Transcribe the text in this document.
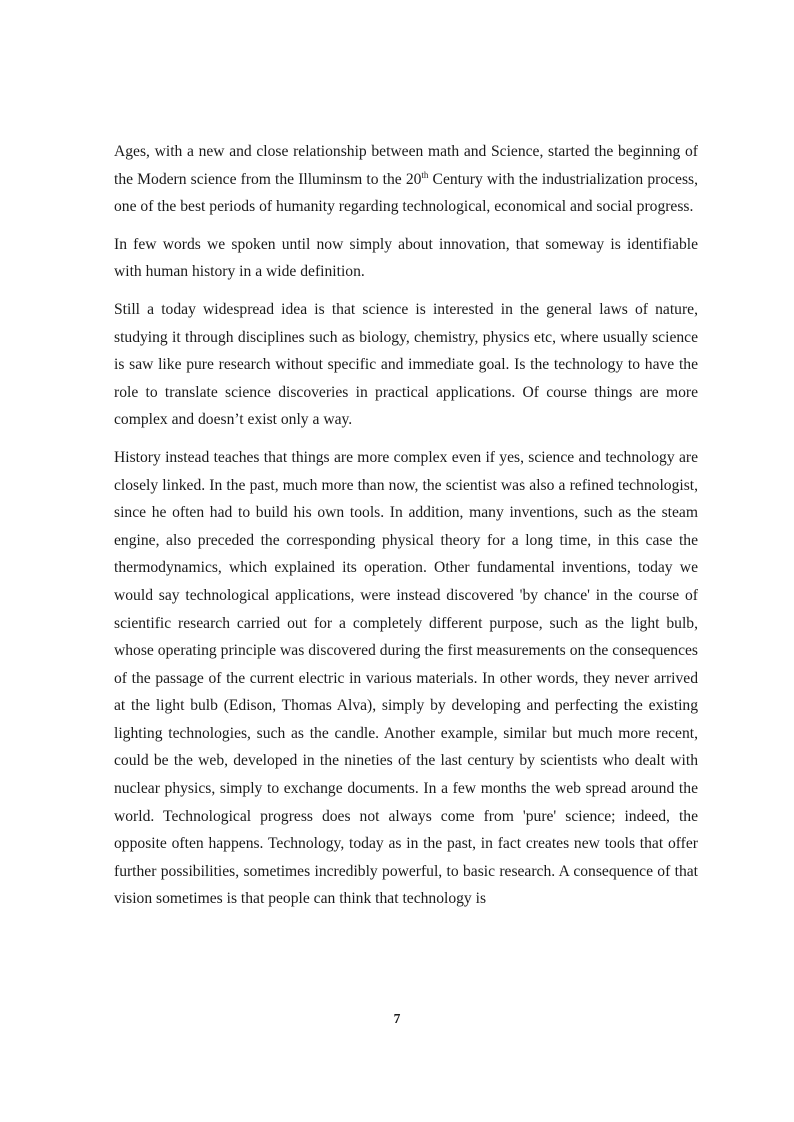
Ages, with a new and close relationship between math and Science, started the beginning of the Modern science from the Illuminsm to the 20th Century with the industrialization process, one of the best periods of humanity regarding technological, economical and social progress.

In few words we spoken until now simply about innovation, that someway is identifiable with human history in a wide definition.

Still a today widespread idea is that science is interested in the general laws of nature, studying it through disciplines such as biology, chemistry, physics etc, where usually science is saw like pure research without specific and immediate goal. Is the technology to have the role to translate science discoveries in practical applications. Of course things are more complex and doesn’t exist only a way.

History instead teaches that things are more complex even if yes, science and technology are closely linked. In the past, much more than now, the scientist was also a refined technologist, since he often had to build his own tools. In addition, many inventions, such as the steam engine, also preceded the corresponding physical theory for a long time, in this case the thermodynamics, which explained its operation. Other fundamental inventions, today we would say technological applications, were instead discovered 'by chance' in the course of scientific research carried out for a completely different purpose, such as the light bulb, whose operating principle was discovered during the first measurements on the consequences of the passage of the current electric in various materials. In other words, they never arrived at the light bulb (Edison, Thomas Alva), simply by developing and perfecting the existing lighting technologies, such as the candle. Another example, similar but much more recent, could be the web, developed in the nineties of the last century by scientists who dealt with nuclear physics, simply to exchange documents. In a few months the web spread around the world. Technological progress does not always come from 'pure' science; indeed, the opposite often happens. Technology, today as in the past, in fact creates new tools that offer further possibilities, sometimes incredibly powerful, to basic research. A consequence of that vision sometimes is that people can think that technology is

7
